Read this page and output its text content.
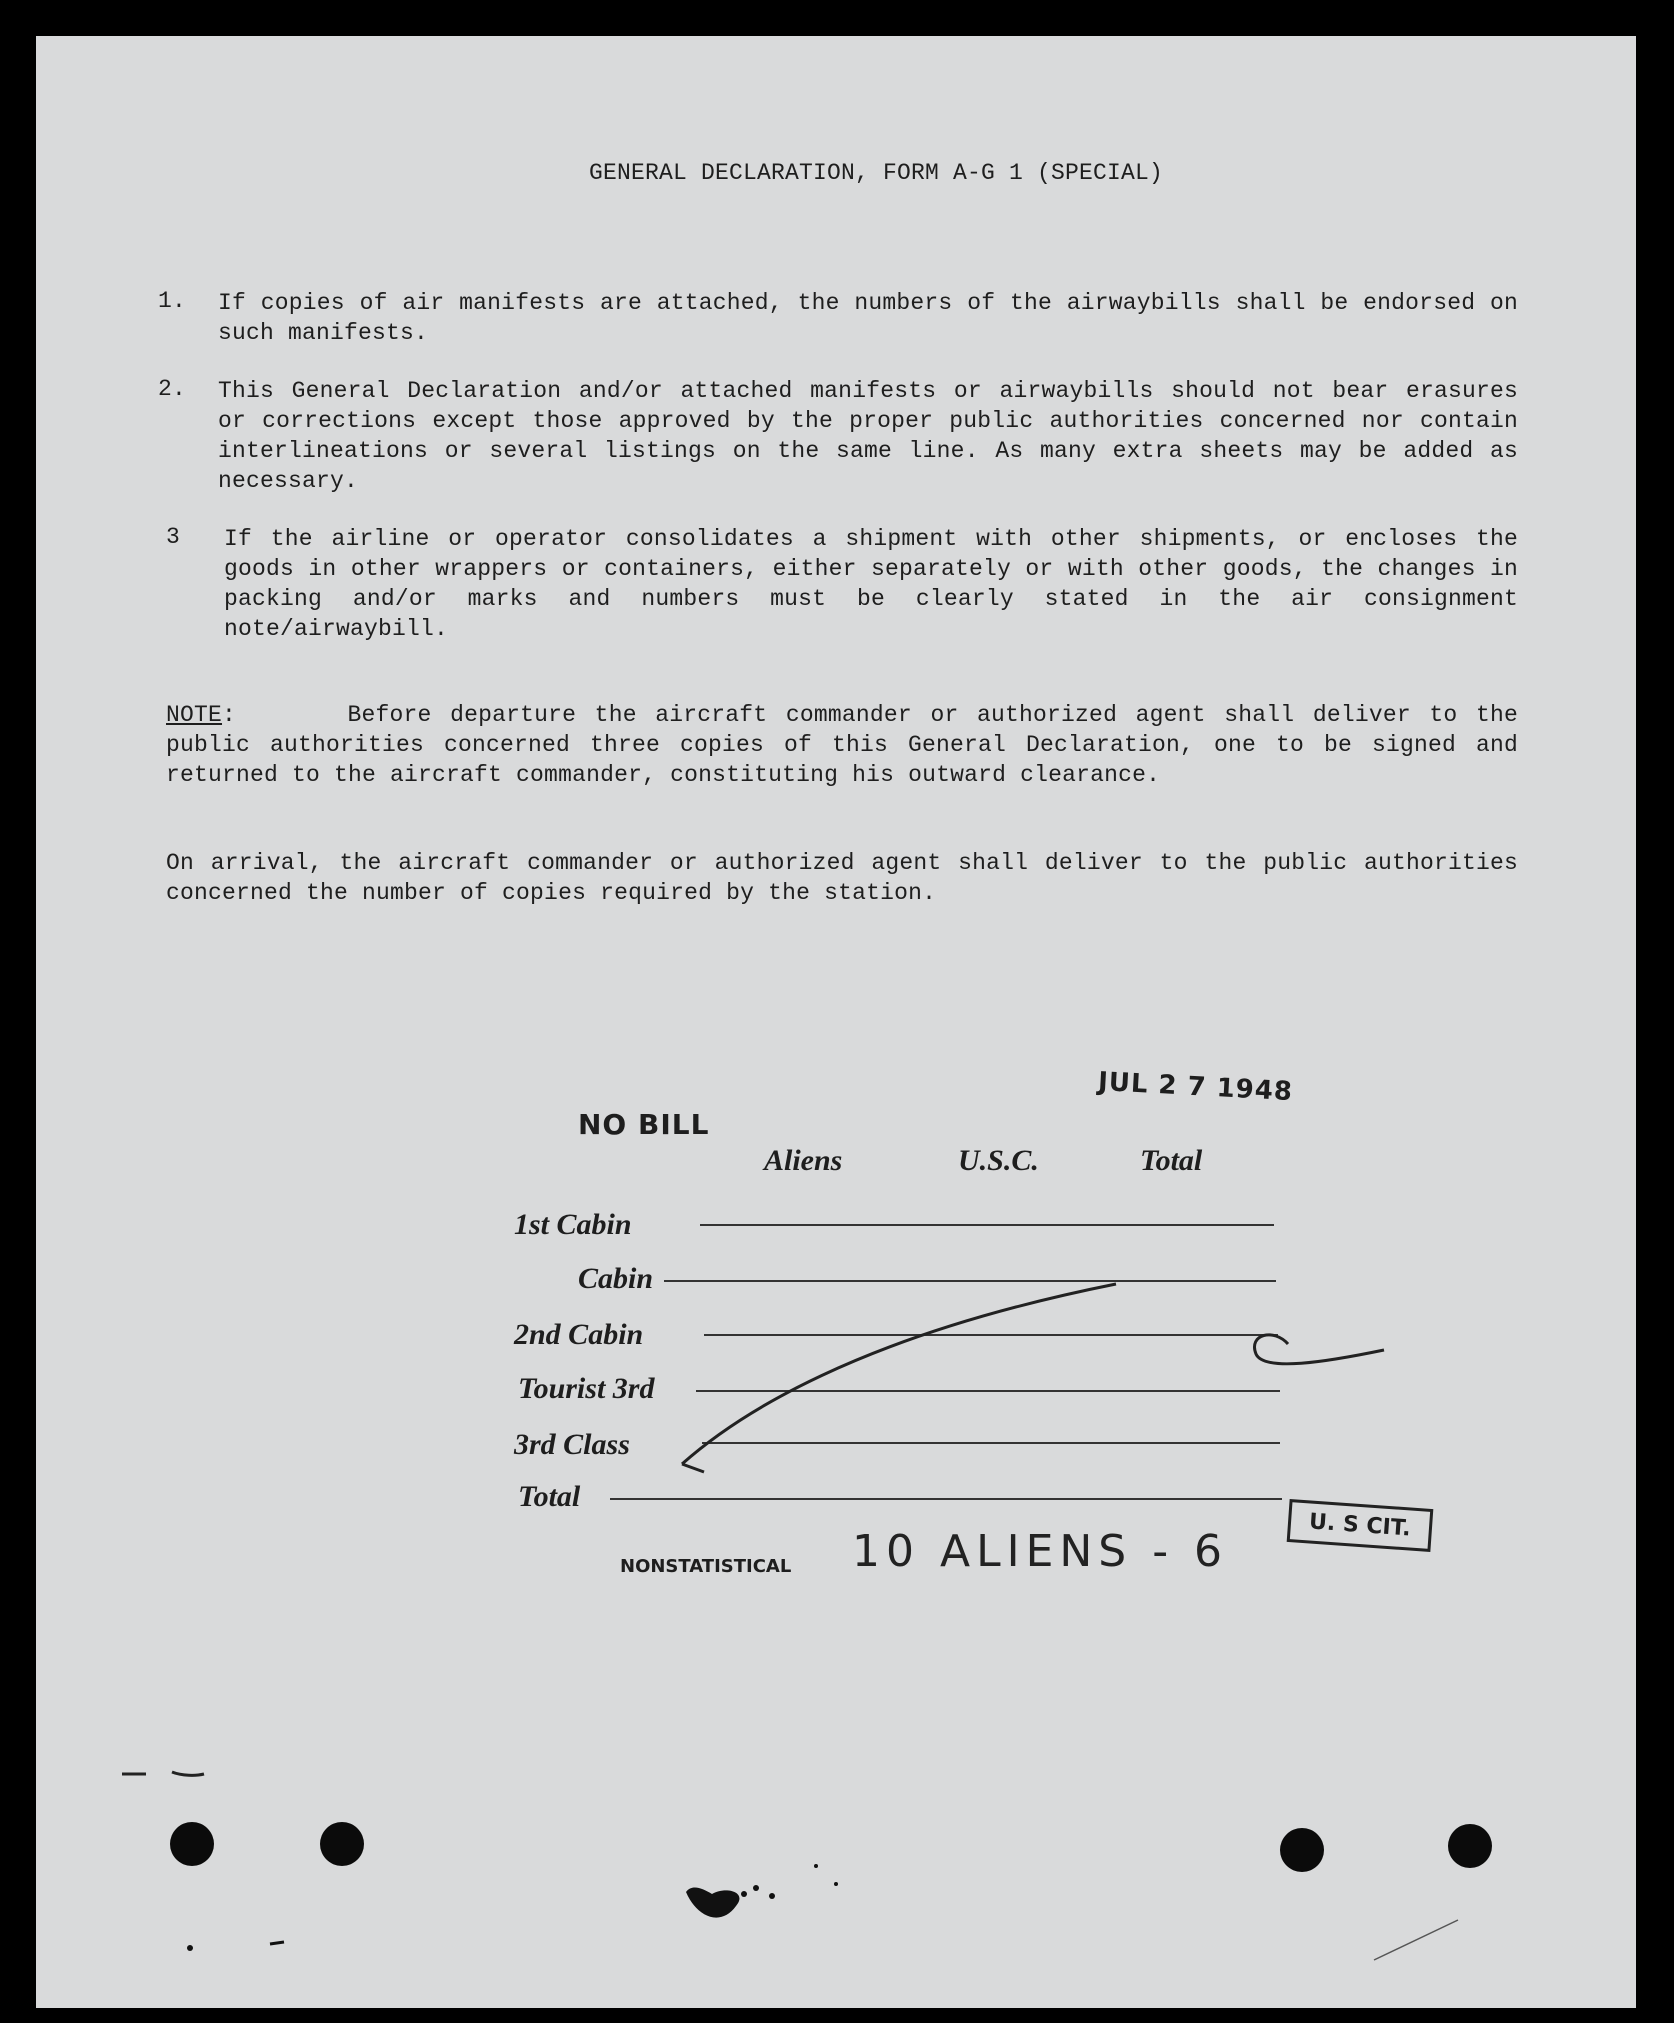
GENERAL DECLARATION, FORM A-G 1 (SPECIAL)
1. If copies of air manifests are attached, the numbers of the airwaybills shall be endorsed on such manifests.
2. This General Declaration and/or attached manifests or airwaybills should not bear erasures or corrections except those approved by the proper public authorities concerned nor contain interlineations or several listings on the same line. As many extra sheets may be added as necessary.
3 If the airline or operator consolidates a shipment with other shipments, or encloses the goods in other wrappers or containers, either separately or with other goods, the changes in packing and/or marks and numbers must be clearly stated in the air consignment note/airwaybill.
NOTE:	Before departure the aircraft commander or authorized agent shall deliver to the public authorities concerned three copies of this General Declaration, one to be signed and returned to the aircraft commander, constituting his outward clearance.
On arrival, the aircraft commander or authorized agent shall deliver to the public authorities concerned the number of copies required by the station.
JUL 2 7 1948
NO BILL
Aliens	U.S.C.	Total
1st Cabin
Cabin
2nd Cabin
Tourist 3rd
3rd Class
Total
NONSTATISTICAL 10 ALIENS - 6
U. S CIT.
